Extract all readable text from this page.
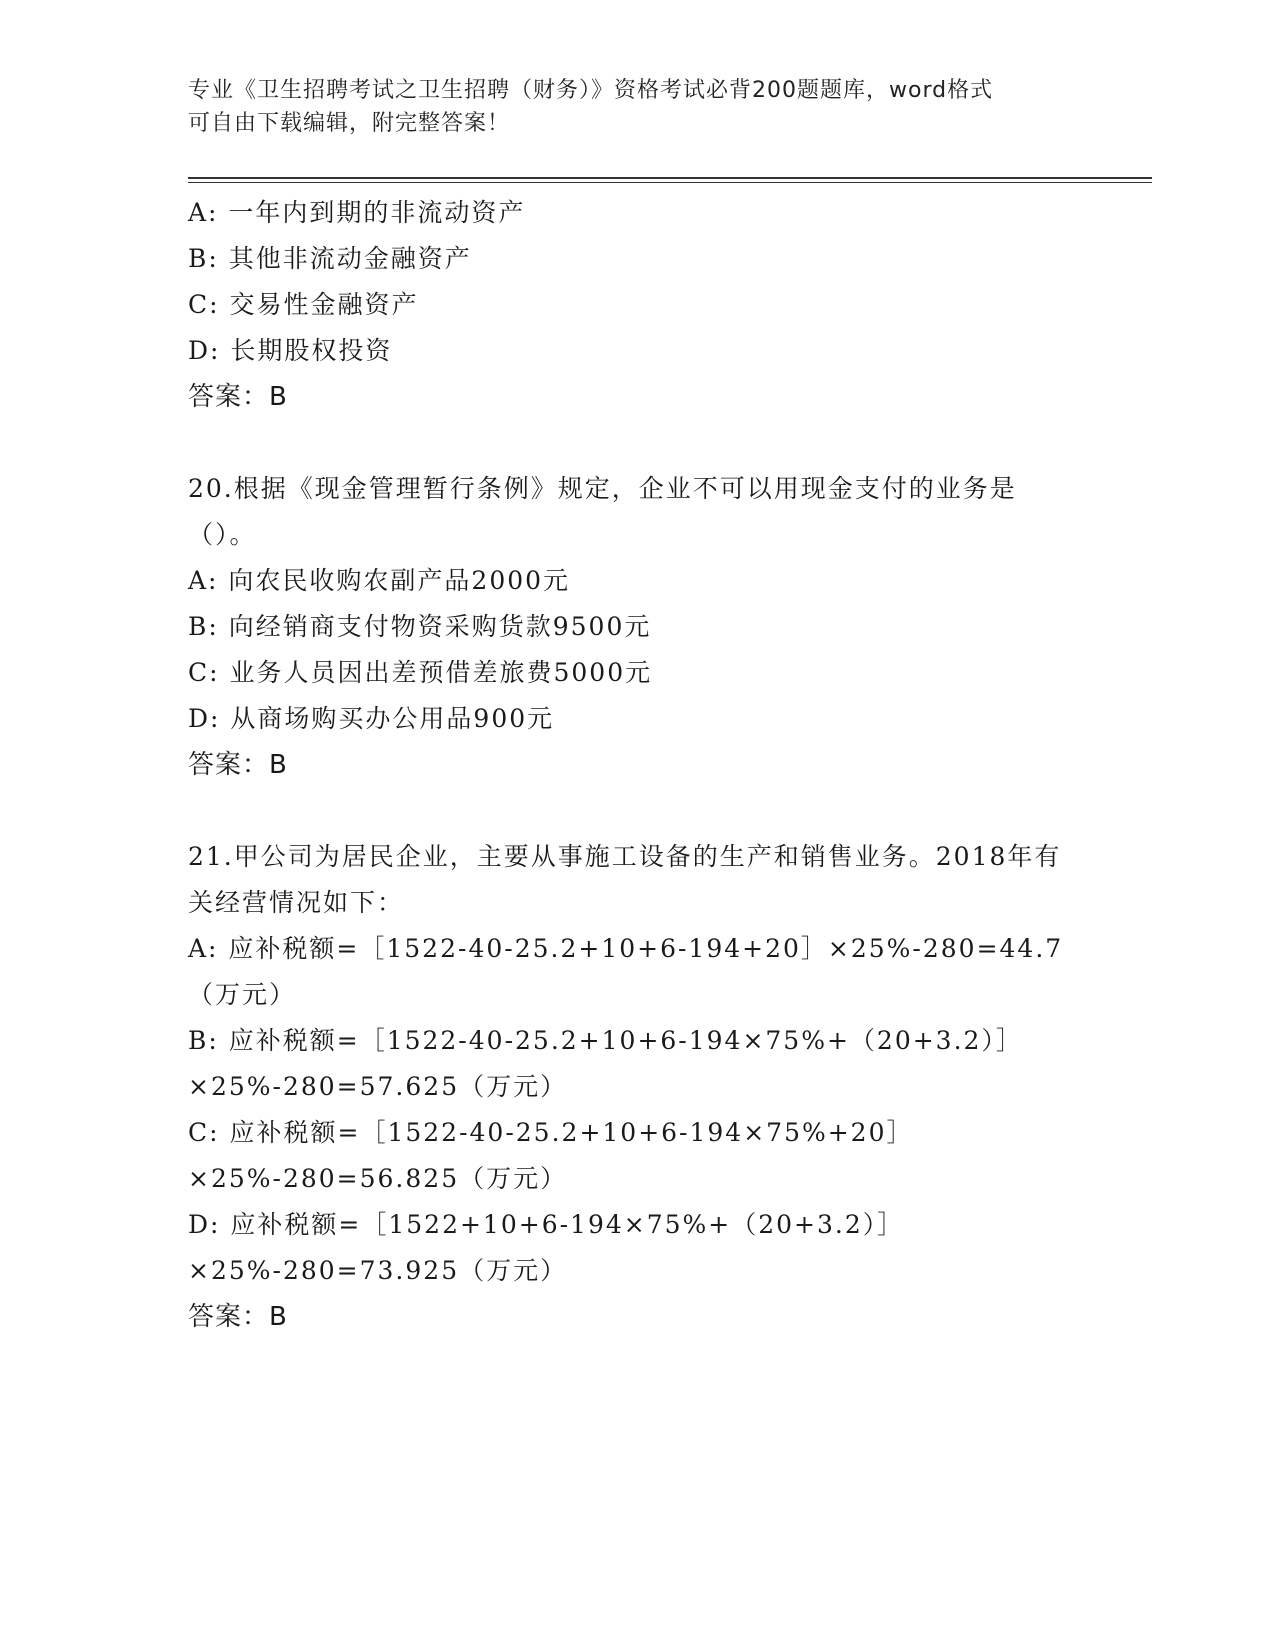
专业《卫生招聘考试之卫生招聘（财务）》资格考试必背200题题库，word格式
可自由下载编辑，附完整答案！
A: 一年内到期的非流动资产
B: 其他非流动金融资产
C: 交易性金融资产
D: 长期股权投资
答案：B
20.根据《现金管理暂行条例》规定，企业不可以用现金支付的业务是（）。
A: 向农民收购农副产品2000元
B: 向经销商支付物资采购货款9500元
C: 业务人员因出差预借差旅费5000元
D: 从商场购买办公用品900元
答案：B
21.甲公司为居民企业，主要从事施工设备的生产和销售业务。2018年有关经营情况如下：
A: 应补税额=［1522-40-25.2+10+6-194+20］×25%-280=44.7（万元）
B: 应补税额=［1522-40-25.2+10+6-194×75%+（20+3.2）］×25%-280=57.625（万元）
C: 应补税额=［1522-40-25.2+10+6-194×75%+20］×25%-280=56.825（万元）
D: 应补税额=［1522+10+6-194×75%+（20+3.2）］×25%-280=73.925（万元）
答案：B
